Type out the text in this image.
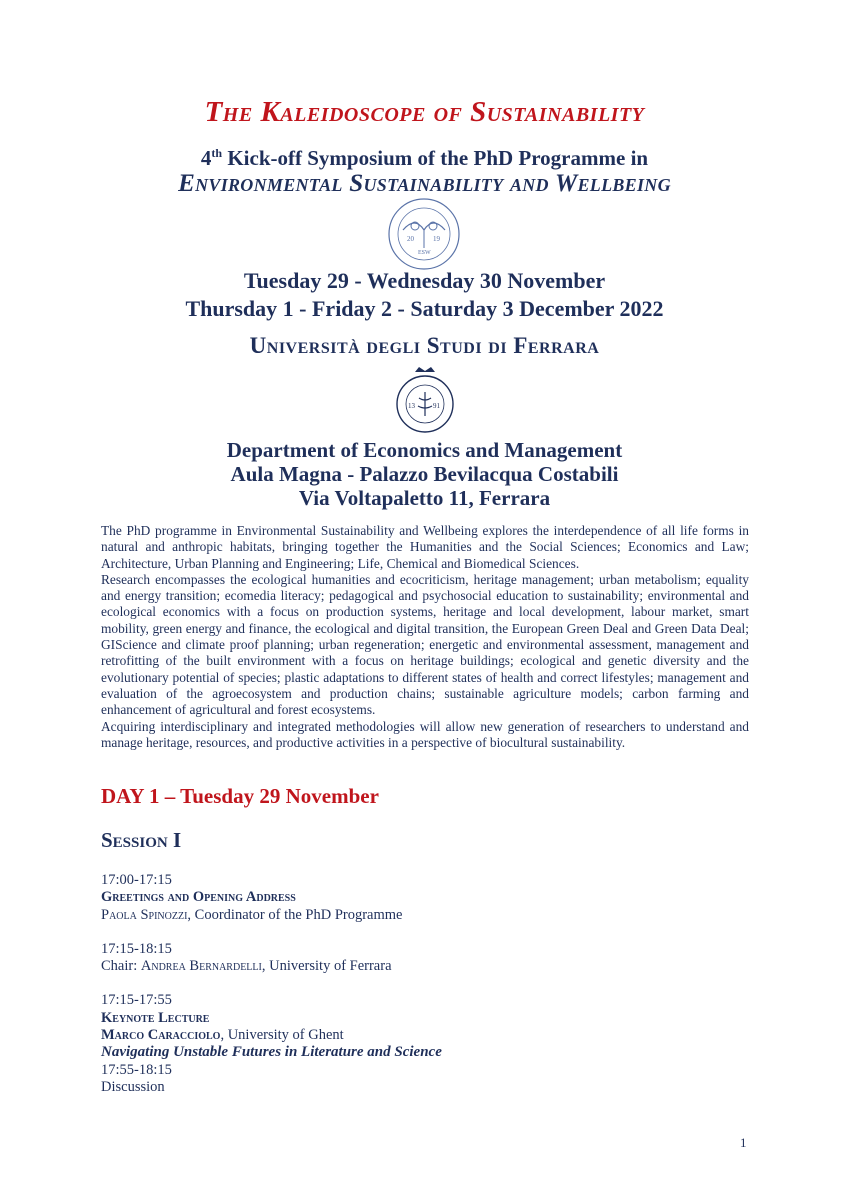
The Kaleidoscope of Sustainability
4th Kick-off Symposium of the PhD Programme in
Environmental Sustainability and Wellbeing
20	19
ESW
Tuesday 29 - Wednesday 30 November
Thursday 1 - Friday 2 - Saturday 3 December 2022
Università degli Studi di Ferrara
13	91
Department of Economics and Management
Aula Magna - Palazzo Bevilacqua Costabili
Via Voltapaletto 11, Ferrara

The PhD programme in Environmental Sustainability and Wellbeing explores the interdependence of all life forms in natural and anthropic habitats, bringing together the Humanities and the Social Sciences; Economics and Law; Architecture, Urban Planning and Engineering; Life, Chemical and Biomedical Sciences.

Research encompasses the ecological humanities and ecocriticism, heritage management; urban metabolism; equality and energy transition; ecomedia literacy; pedagogical and psychosocial education to sustainability; environmental and ecological economics with a focus on production systems, heritage and local development, labour market, smart mobility, green energy and finance, the ecological and digital transition, the European Green Deal and Green Data Deal; GIScience and climate proof planning; urban regeneration; energetic and environmental assessment, management and retrofitting of the built environment with a focus on heritage buildings; ecological and genetic diversity and the evolutionary potential of species; plastic adaptations to different states of health and correct lifestyles; management and evaluation of the agroecosystem and production chains; sustainable agriculture models; carbon farming and enhancement of agricultural and forest ecosystems.

Acquiring interdisciplinary and integrated methodologies will allow new generation of researchers to understand and manage heritage, resources, and productive activities in a perspective of biocultural sustainability.

DAY 1 – Tuesday 29 November
Session I
17:00-17:15
Greetings and Opening Address
Paola Spinozzi, Coordinator of the PhD Programme
17:15-18:15
Chair: Andrea Bernardelli, University of Ferrara
17:15-17:55
Keynote Lecture
Marco Caracciolo, University of Ghent
Navigating Unstable Futures in Literature and Science
17:55-18:15
Discussion
1
